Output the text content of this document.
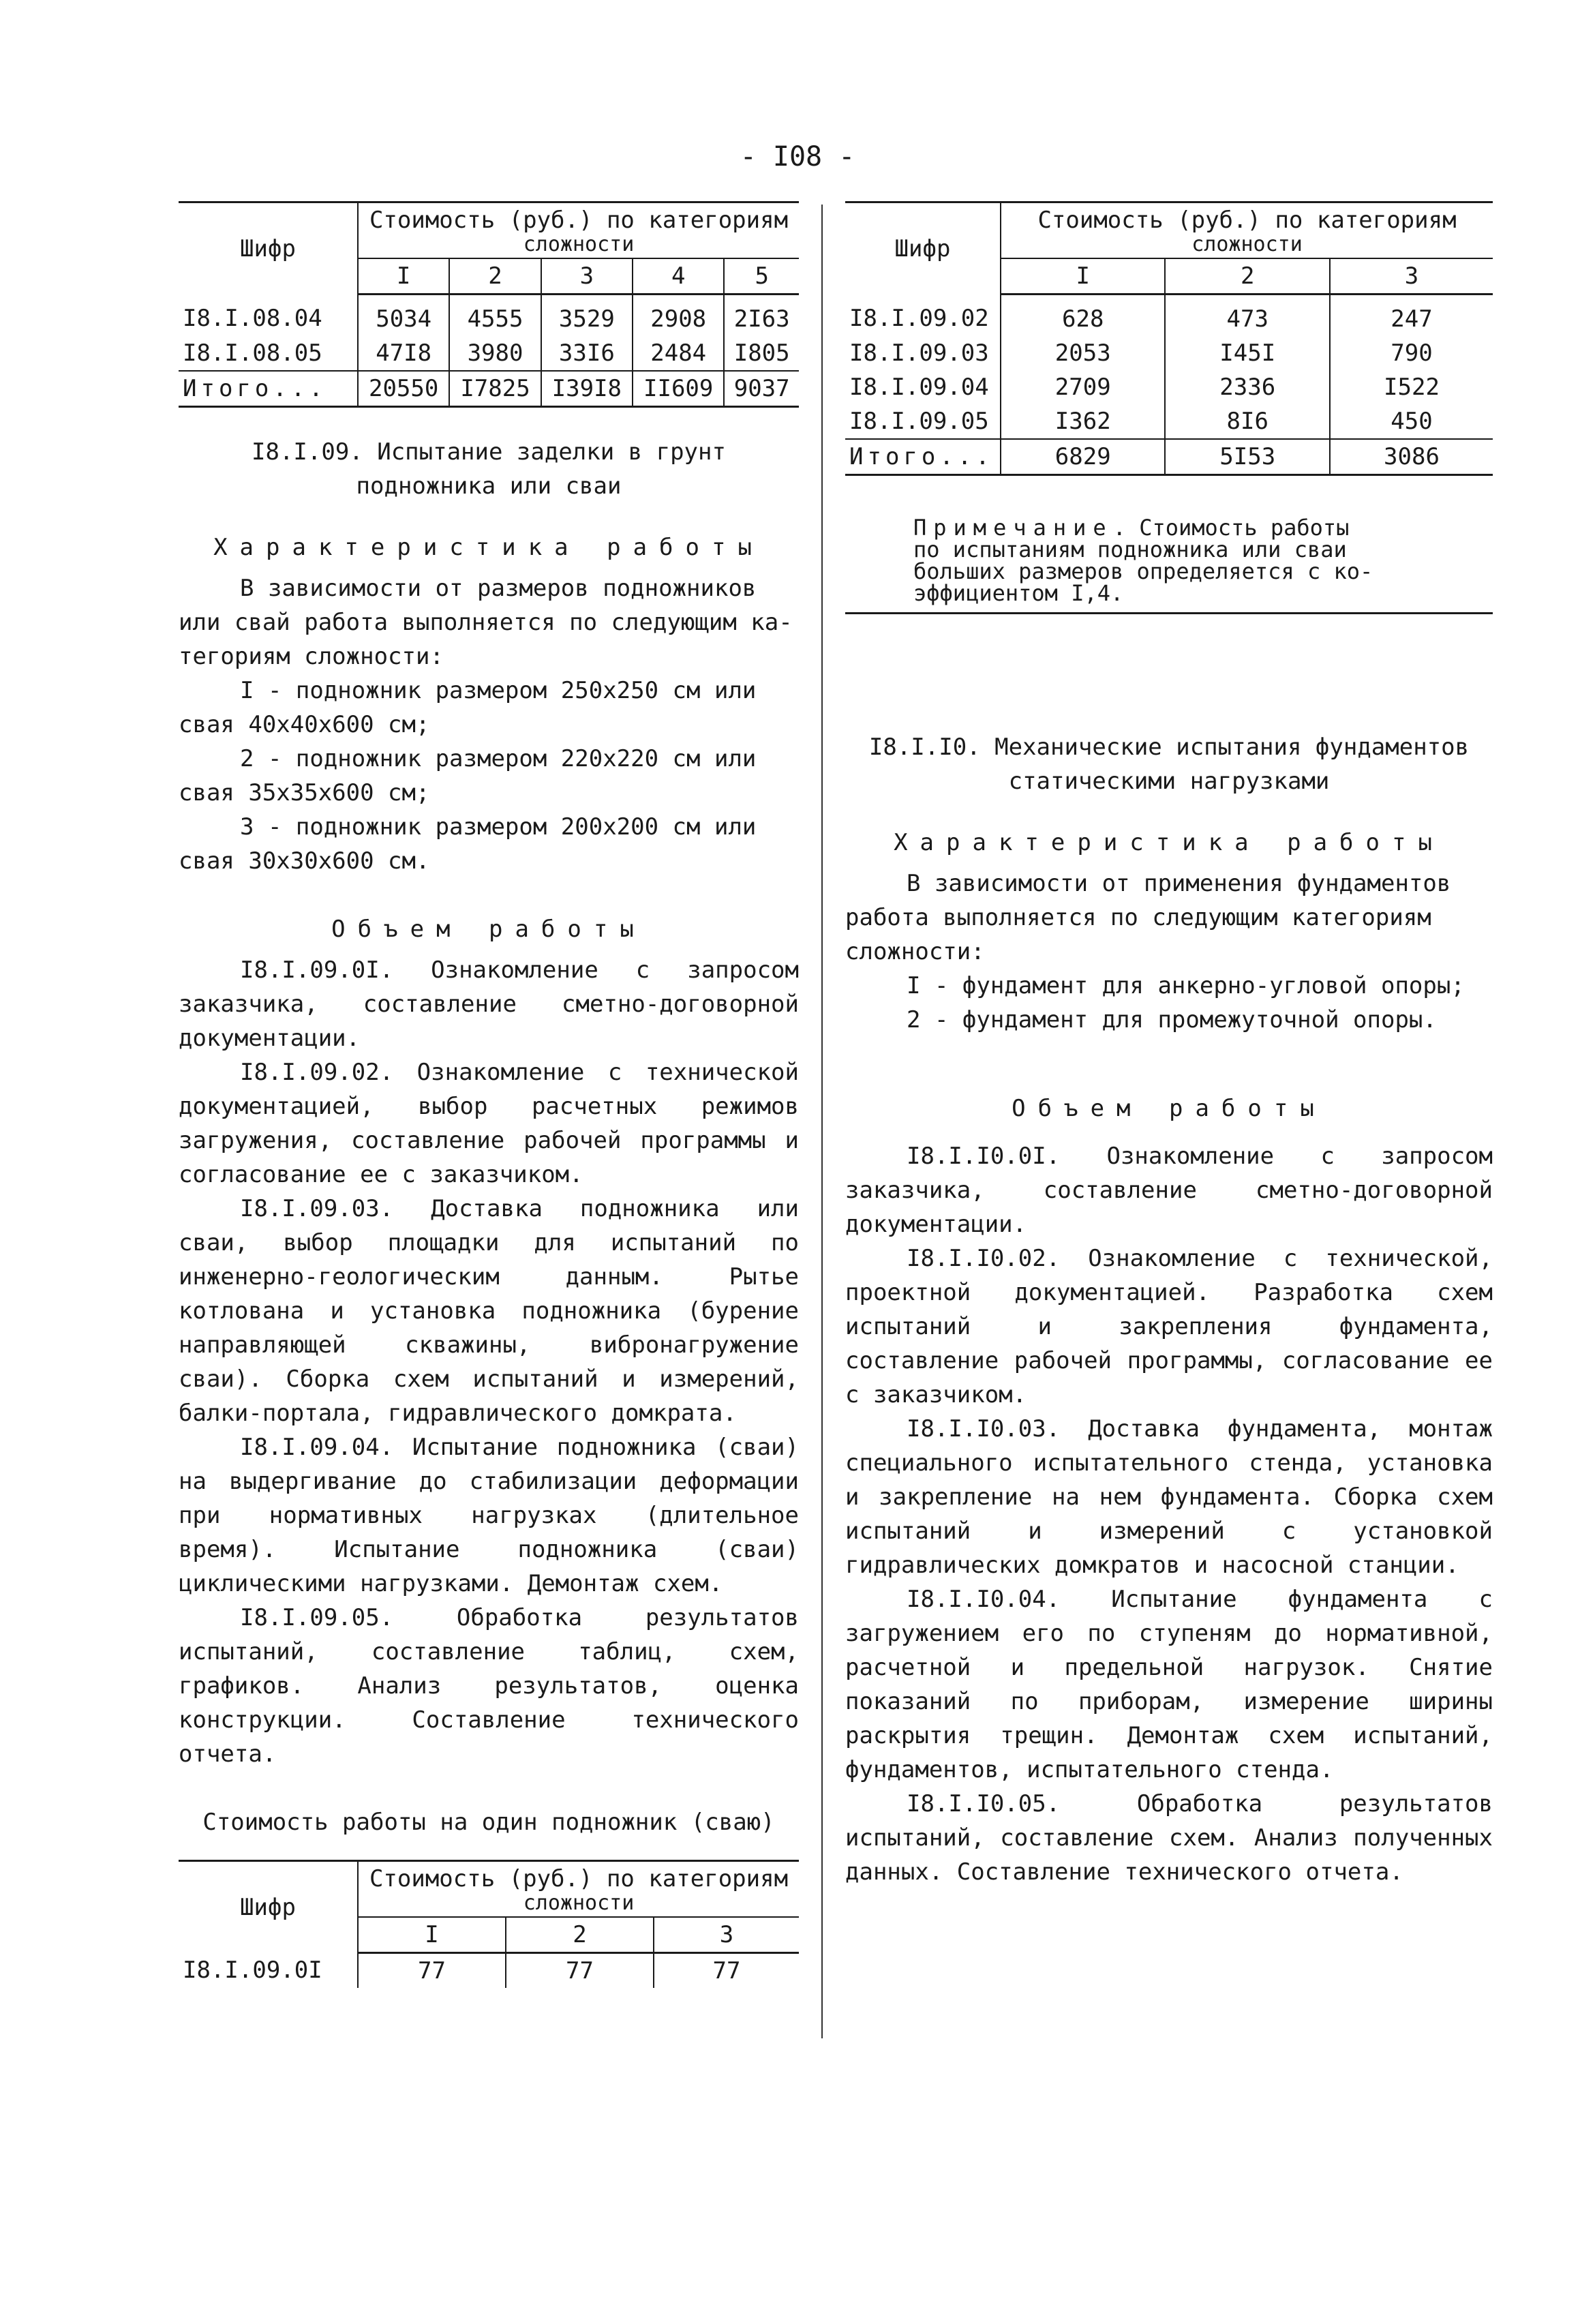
- I08 -
Шифр	Стоимость (руб.) по категориям
сложности				

	I	2	3	4	5
I8.I.08.04	5034	4555	3529	2908	2I63
I8.I.08.05	47I8	3980	33I6	2484	I805
Итого...	20550	I7825	I39I8	II609	9037
I8.I.09. Испытание заделки в грунт
подножника или сваи
Характеристика работы

В зависимости от размеров подножников

или свай работа выполняется по следующим ка-

тегориям сложности:

I - подножник размером 250х250 см или

свая 40х40х600 см;

2 - подножник размером 220х220 см или

свая 35х35х600 см;

3 - подножник размером 200х200 см или

свая 30х30х600 см.

Объем работы

I8.I.09.0I. Ознакомление с запросом заказчика, составление сметно-договорной документации.

I8.I.09.02. Ознакомление с технической документацией, выбор расчетных режимов загружения, составление рабочей программы и согласование ее с заказчиком.

I8.I.09.03. Доставка подножника или сваи, выбор площадки для испытаний по инженерно-геологическим данным. Рытье котлована и установка подножника (бурение направляющей скважины, вибронагружение сваи). Сборка схем испытаний и измерений, балки-портала, гидравлического домкрата.

I8.I.09.04. Испытание подножника (сваи) на выдергивание до стабилизации деформации при нормативных нагрузках (длительное время). Испытание подножника (сваи) циклическими нагрузками. Демонтаж схем.

I8.I.09.05. Обработка результатов испытаний, составление таблиц, схем, графиков. Анализ результатов, оценка конструкции. Составление технического отчета.

Стоимость работы на один подножник (сваю)
Шифр	Стоимость (руб.) по категориям
сложности		

	I	2	3
I8.I.09.0I	77	77	77
Шифр	Стоимость (руб.) по категориям
сложности		

	I	2	3
I8.I.09.02	628	473	247
I8.I.09.03	2053	I45I	790
I8.I.09.04	2709	2336	I522
I8.I.09.05	I362	8I6	450
Итого...	6829	5I53	3086
Примечание. Стоимость работы
по испытаниям подножника или сваи
больших размеров определяется с ко-
эффициентом I,4.
I8.I.I0. Механические испытания фундаментов
статическими нагрузками
Характеристика работы

В зависимости от применения фундаментов

работа выполняется по следующим категориям

сложности:

I - фундамент для анкерно-угловой опоры;

2 - фундамент для промежуточной опоры.

Объем работы

I8.I.I0.0I. Ознакомление с запросом заказчика, составление сметно-договорной документации.

I8.I.I0.02. Ознакомление с технической, проектной документацией. Разработка схем испытаний и закрепления фундамента, составление рабочей программы, согласование ее с заказчиком.

I8.I.I0.03. Доставка фундамента, монтаж специального испытательного стенда, установка и закрепление на нем фундамента. Сборка схем испытаний и измерений с установкой гидравлических домкратов и насосной станции.

I8.I.I0.04. Испытание фундамента с загружением его по ступеням до нормативной, расчетной и предельной нагрузок. Снятие показаний по приборам, измерение ширины раскрытия трещин. Демонтаж схем испытаний, фундаментов, испытательного стенда.

I8.I.I0.05. Обработка результатов испытаний, составление схем. Анализ полученных данных. Составление технического отчета.
